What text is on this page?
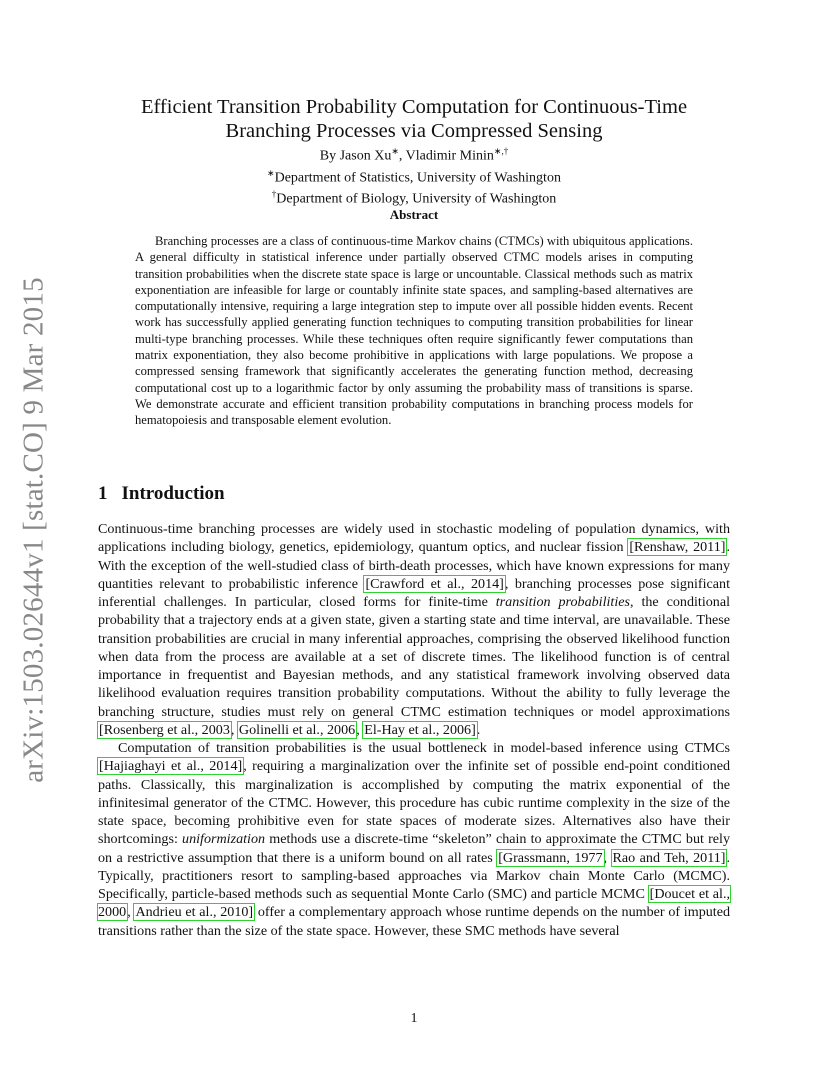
arXiv:1503.02644v1 [stat.CO] 9 Mar 2015
Efficient Transition Probability Computation for Continuous-Time
Branching Processes via Compressed Sensing
By Jason Xu∗, Vladimir Minin∗,†
∗Department of Statistics, University of Washington
†Department of Biology, University of Washington
Abstract
Branching processes are a class of continuous-time Markov chains (CTMCs) with ubiquitous applications. A general difficulty in statistical inference under partially observed CTMC models arises in computing transition probabilities when the discrete state space is large or uncountable. Classical methods such as matrix exponentiation are infeasible for large or countably infinite state spaces, and sampling-based alternatives are computationally intensive, requiring a large integration step to impute over all possible hidden events. Recent work has successfully applied generating function techniques to computing transition probabilities for linear multi-type branching processes. While these techniques often require significantly fewer computations than matrix exponentiation, they also become prohibitive in applications with large populations. We propose a compressed sensing framework that significantly accelerates the generating function method, decreasing computational cost up to a logarithmic factor by only assuming the probability mass of transitions is sparse. We demonstrate accurate and efficient transition probability computations in branching process models for hematopoiesis and transposable element evolution.
1 Introduction

Continuous-time branching processes are widely used in stochastic modeling of population dynamics, with applications including biology, genetics, epidemiology, quantum optics, and nuclear fission [Renshaw, 2011]. With the exception of the well-studied class of birth-death processes, which have known expressions for many quantities relevant to probabilistic inference [Crawford et al., 2014], branching processes pose significant inferential challenges. In particular, closed forms for finite-time transition probabilities, the conditional probability that a trajectory ends at a given state, given a starting state and time interval, are unavailable. These transition probabilities are crucial in many inferential approaches, comprising the observed likelihood function when data from the process are available at a set of discrete times. The likelihood function is of central importance in frequentist and Bayesian methods, and any statistical framework involving observed data likelihood evaluation requires transition probability computations. Without the ability to fully leverage the branching structure, studies must rely on general CTMC estimation techniques or model approximations [Rosenberg et al., 2003, Golinelli et al., 2006, El-Hay et al., 2006].

Computation of transition probabilities is the usual bottleneck in model-based inference using CTMCs [Hajiaghayi et al., 2014], requiring a marginalization over the infinite set of possible end-point conditioned paths. Classically, this marginalization is accomplished by computing the matrix exponential of the infinitesimal generator of the CTMC. However, this procedure has cubic runtime complexity in the size of the state space, becoming prohibitive even for state spaces of moderate sizes. Alternatives also have their shortcomings: uniformization methods use a discrete-time “skeleton” chain to approximate the CTMC but rely on a restrictive assumption that there is a uniform bound on all rates [Grassmann, 1977, Rao and Teh, 2011]. Typically, practitioners resort to sampling-based approaches via Markov chain Monte Carlo (MCMC). Specifically, particle-based methods such as sequential Monte Carlo (SMC) and particle MCMC [Doucet et al., 2000, Andrieu et al., 2010] offer a complementary approach whose runtime depends on the number of imputed transitions rather than the size of the state space. However, these SMC methods have several

1
